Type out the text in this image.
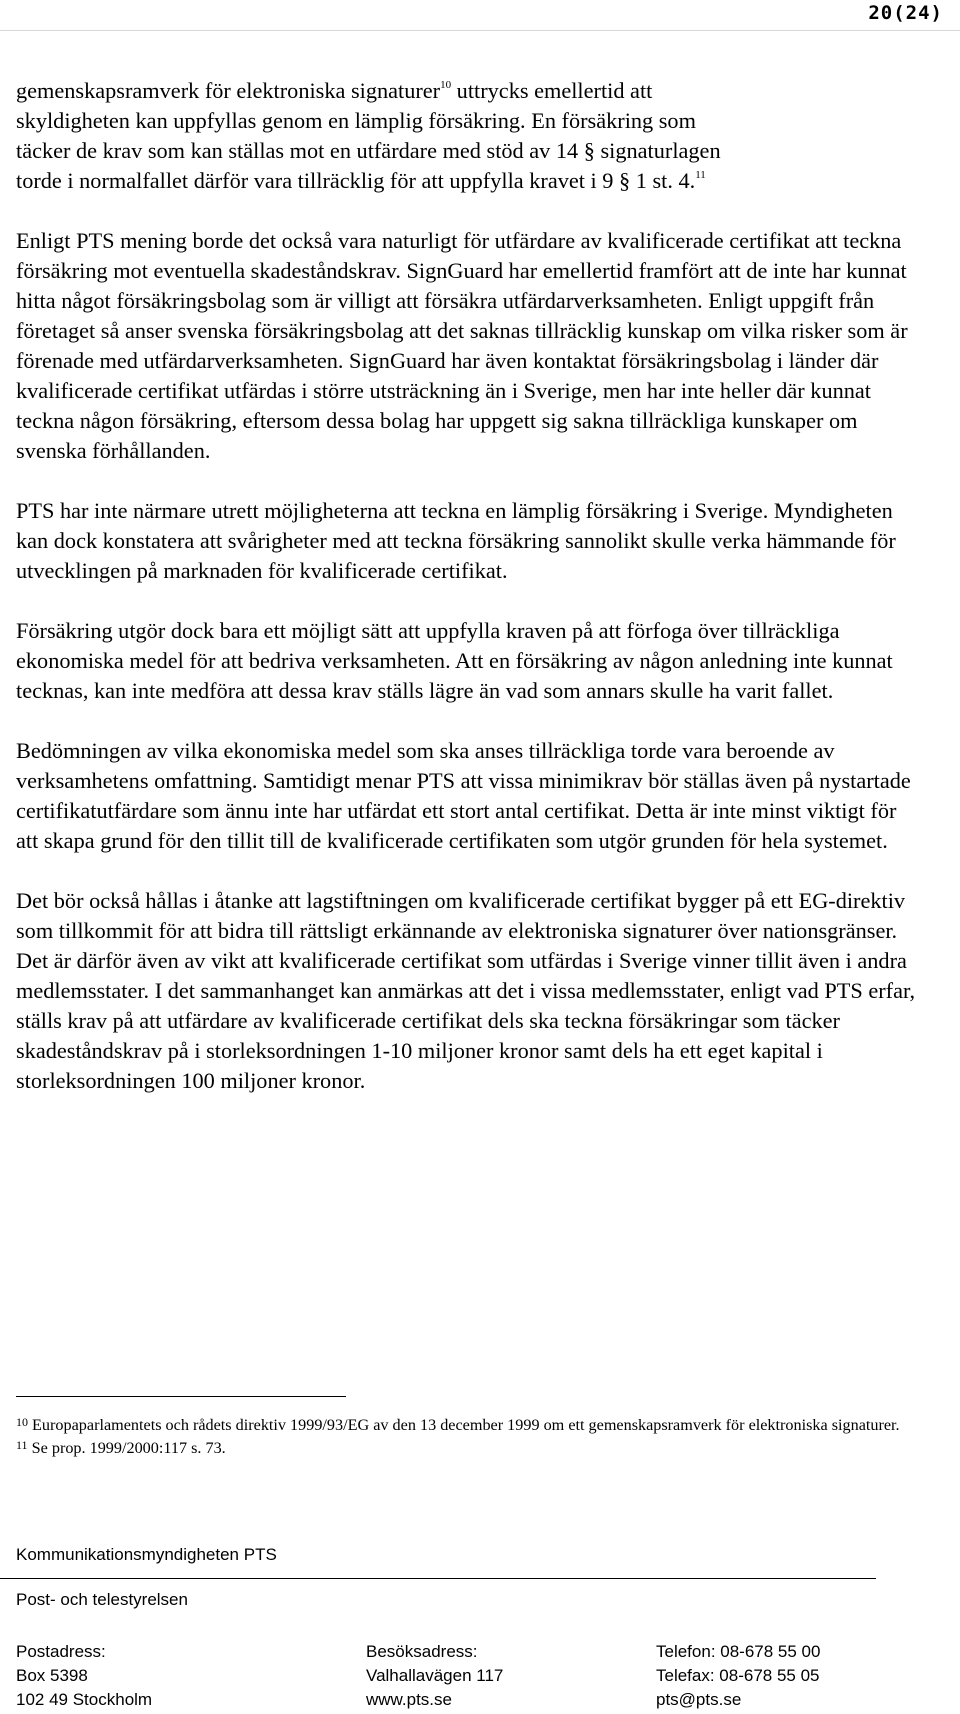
20(24)

gemenskapsramverk för elektroniska signaturer$^{10}$ uttrycks emellertid att
skyldigheten kan uppfyllas genom en lämplig försäkring. En försäkring som
täcker de krav som kan ställas mot en utfärdare med stöd av 14 § signaturlagen
torde i normalfallet därför vara tillräcklig för att uppfylla kravet i 9 § 1 st. 4.11

Enligt PTS mening borde det också vara naturligt för utfärdare av kvalificerade certifikat att teckna försäkring mot eventuella skadeståndskrav. SignGuard har emellertid framfört att de inte har kunnat hitta något försäkringsbolag som är villigt att försäkra utfärdarverksamheten. Enligt uppgift från företaget så anser svenska försäkringsbolag att det saknas tillräcklig kunskap om vilka risker som är förenade med utfärdarverksamheten. SignGuard har även kontaktat försäkringsbolag i länder där kvalificerade certifikat utfärdas i större utsträckning än i Sverige, men har inte heller där kunnat teckna någon försäkring, eftersom dessa bolag har uppgett sig sakna tillräckliga kunskaper om svenska förhållanden.

PTS har inte närmare utrett möjligheterna att teckna en lämplig försäkring i Sverige. Myndigheten kan dock konstatera att svårigheter med att teckna försäkring sannolikt skulle verka hämmande för utvecklingen på marknaden för kvalificerade certifikat.

Försäkring utgör dock bara ett möjligt sätt att uppfylla kraven på att förfoga över tillräckliga ekonomiska medel för att bedriva verksamheten. Att en försäkring av någon anledning inte kunnat tecknas, kan inte medföra att dessa krav ställs lägre än vad som annars skulle ha varit fallet.

Bedömningen av vilka ekonomiska medel som ska anses tillräckliga torde vara beroende av verksamhetens omfattning. Samtidigt menar PTS att vissa minimikrav bör ställas även på nystartade certifikatutfärdare som ännu inte har utfärdat ett stort antal certifikat. Detta är inte minst viktigt för att skapa grund för den tillit till de kvalificerade certifikaten som utgör grunden för hela systemet.

Det bör också hållas i åtanke att lagstiftningen om kvalificerade certifikat bygger på ett EG-direktiv som tillkommit för att bidra till rättsligt erkännande av elektroniska signaturer över nationsgränser. Det är därför även av vikt att kvalificerade certifikat som utfärdas i Sverige vinner tillit även i andra medlemsstater. I det sammanhanget kan anmärkas att det i vissa medlemsstater, enligt vad PTS erfar, ställs krav på att utfärdare av kvalificerade certifikat dels ska teckna försäkringar som täcker skadeståndskrav på i storleksordningen 1-10 miljoner kronor samt dels ha ett eget kapital i storleksordningen 100 miljoner kronor.

$^{10}$ Europaparlamentets och rådets direktiv 1999/93/EG av den 13 december 1999 om ett gemenskapsramverk för elektroniska signaturer.

$^{11}$ Se prop. 1999/2000:117 s. 73.

Kommunikationsmyndigheten PTS
Post- och telestyrelsen
Postadress:	Besöksadress:	Telefon: 08-678 55 00
Box 5398	Valhallavägen 117	Telefax: 08-678 55 05
102 49 Stockholm	www.pts.se	pts@pts.se
